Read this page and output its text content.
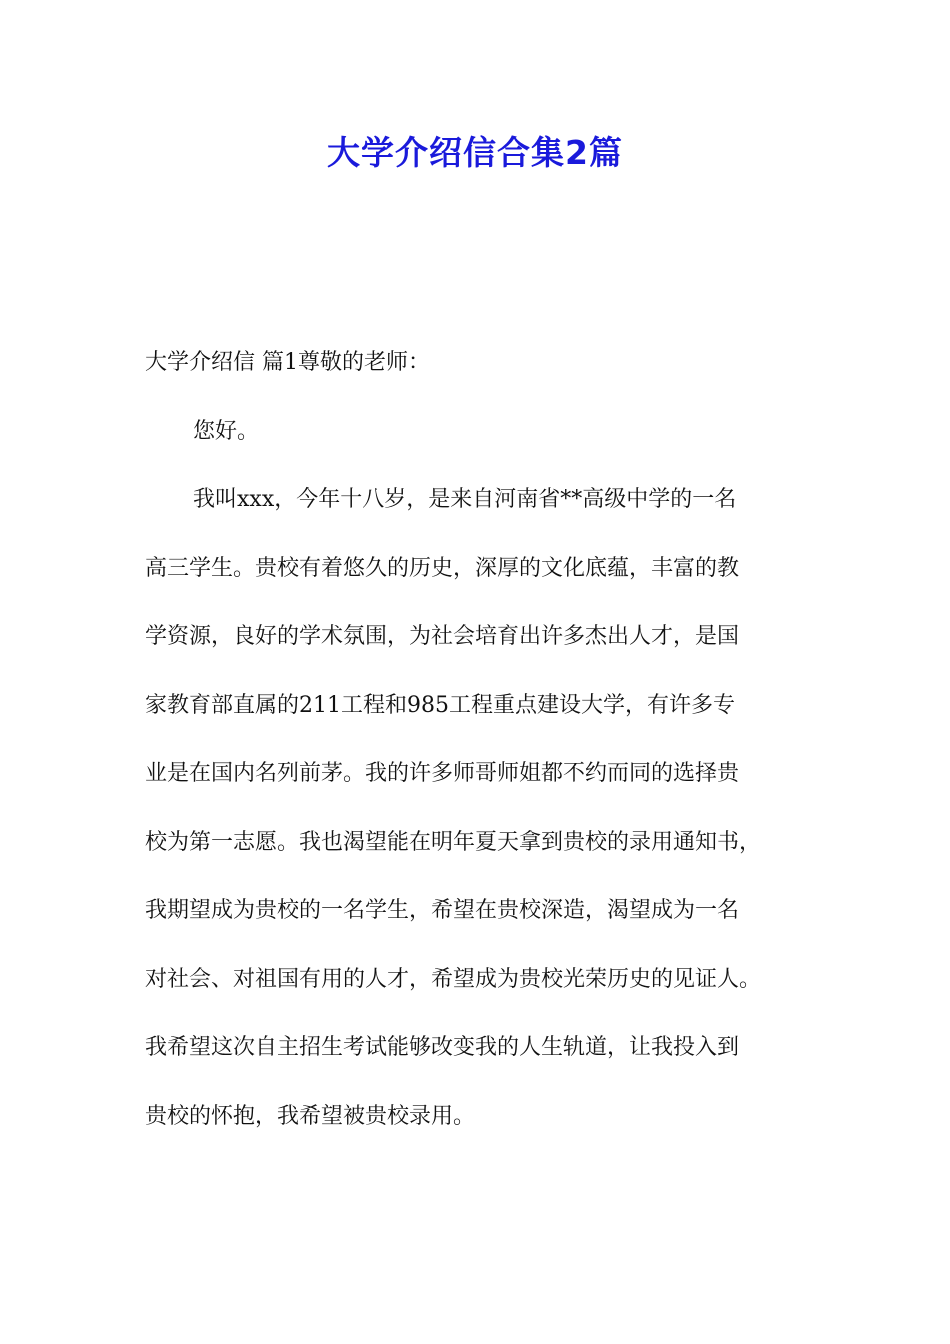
大学介绍信合集2篇

大学介绍信 篇1尊敬的老师：

您好。

我叫xxx，今年十八岁，是来自河南省**高级中学的一名

高三学生。贵校有着悠久的历史，深厚的文化底蕴，丰富的教

学资源，良好的学术氛围，为社会培育出许多杰出人才，是国

家教育部直属的211工程和985工程重点建设大学，有许多专

业是在国内名列前茅。我的许多师哥师姐都不约而同的选择贵

校为第一志愿。我也渴望能在明年夏天拿到贵校的录用通知书，

我期望成为贵校的一名学生，希望在贵校深造，渴望成为一名

对社会、对祖国有用的人才，希望成为贵校光荣历史的见证人。

我希望这次自主招生考试能够改变我的人生轨道，让我投入到

贵校的怀抱，我希望被贵校录用。
